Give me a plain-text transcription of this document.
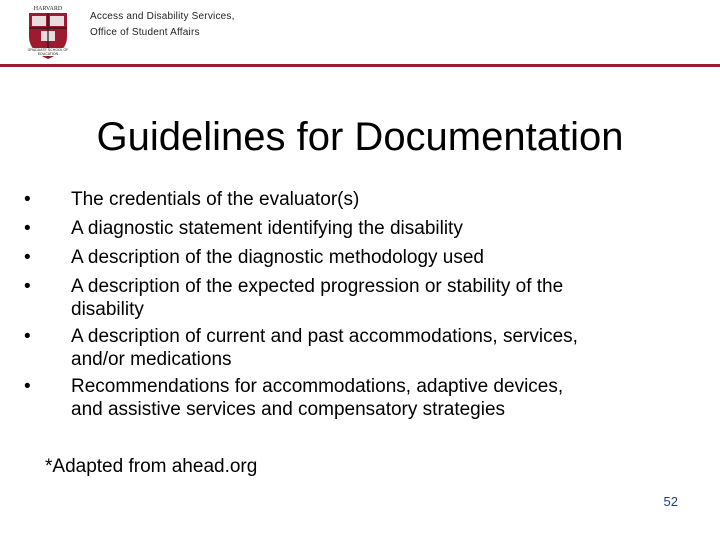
HARVARD
GRADUATE SCHOOL OF EDUCATION
Access and Disability Services,
Office of Student Affairs
Guidelines for Documentation
•	The credentials of the evaluator(s)
•	A diagnostic statement identifying the disability
•	A description of the diagnostic methodology used
•	A description of the expected progression or stability of the
disability
•	A description of current and past accommodations, services,
and/or medications
•	Recommendations for accommodations, adaptive devices,
and assistive services and compensatory strategies
*Adapted from ahead.org
52
